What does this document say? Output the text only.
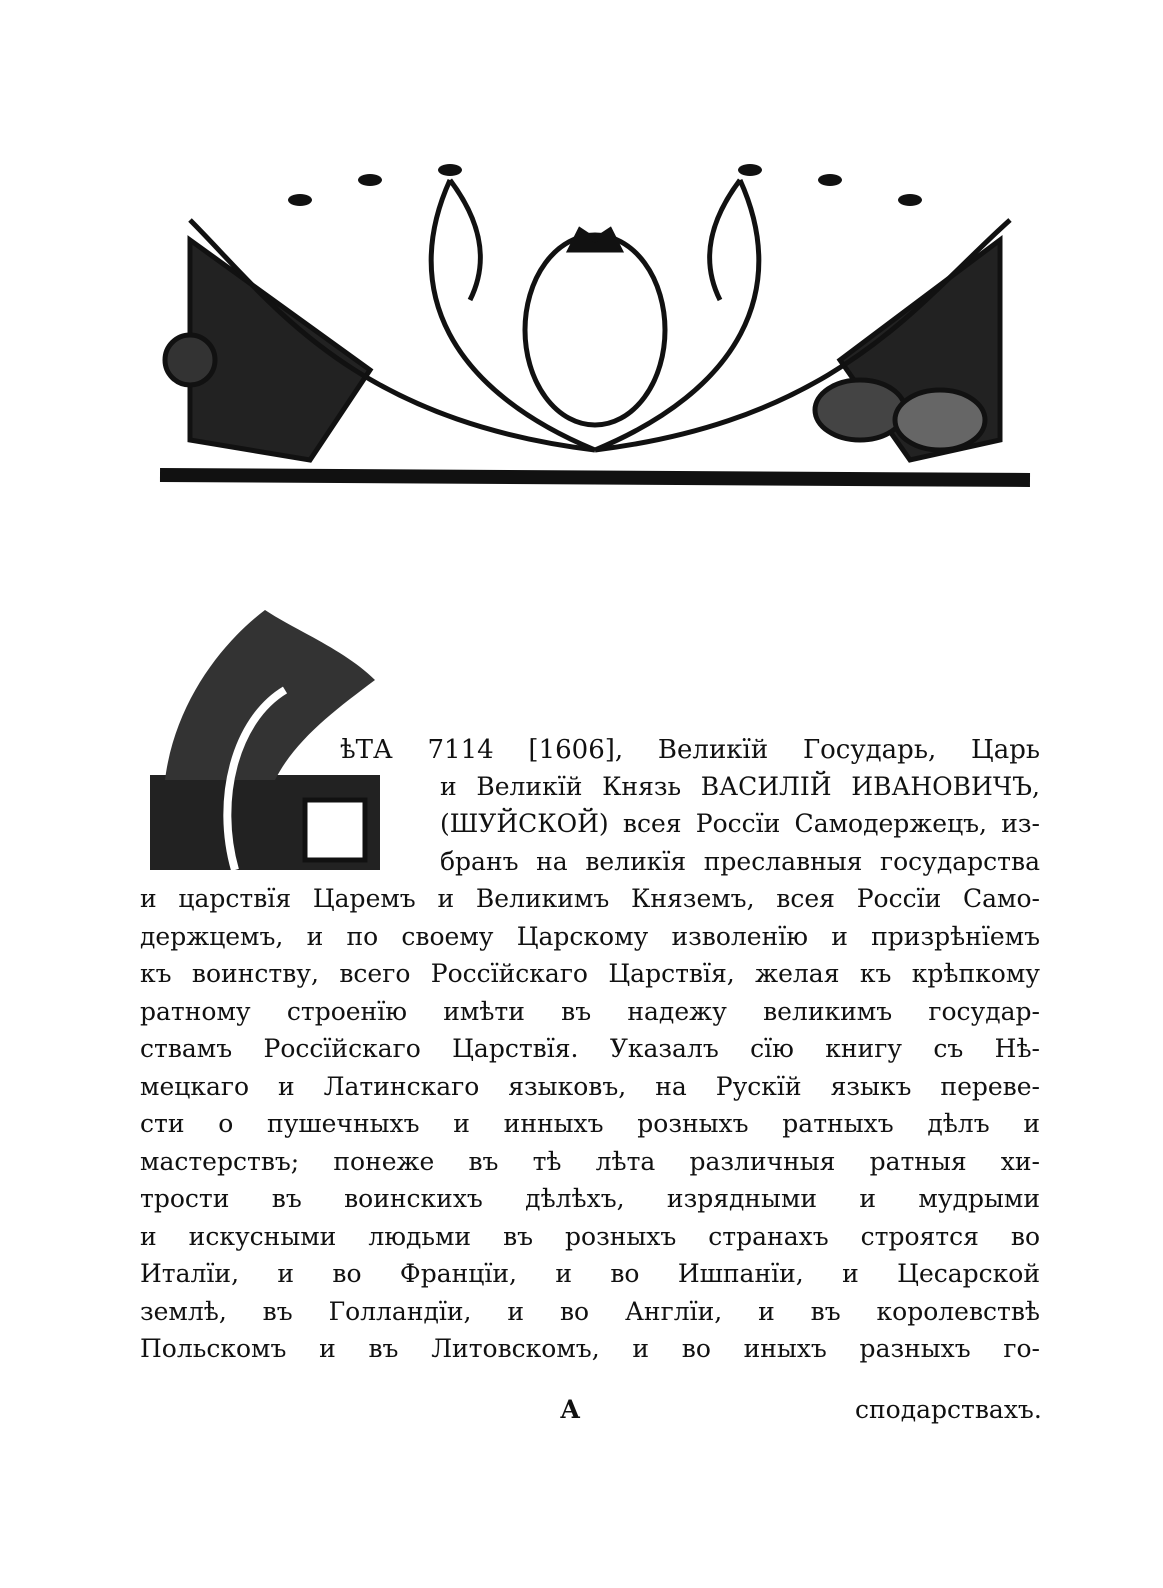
ѣТА 7114 [1606], Великїй Государь, Царь
и Великїй Князь ВАСИЛІЙ ИВАНОВИЧЪ,
(ШУЙСКОЙ) всея Россїи Самодержецъ, из-
бранъ на великїя преславныя государства
и царствїя Царемъ и Великимъ Княземъ, всея Россїи Само-
держцемъ, и по своему Царскому изволенїю и призрѣнїемъ
къ воинству, всего Россїйскаго Царствїя, желая къ крѣпкому
ратному строенїю имѣти въ надежу великимъ государ-
ствамъ Россїйскаго Царствїя. Указалъ сїю книгу съ Нѣ-
мецкаго и Латинскаго языковъ, на Рускїй языкъ переве-
сти о пушечныхъ и инныхъ розныхъ ратныхъ дѣлъ и
мастерствъ; понеже въ тѣ лѣта различныя ратныя хи-
трости въ воинскихъ дѣлѣхъ, изрядными и мудрыми
и искусными людьми въ розныхъ странахъ строятся во
Италїи, и во Францїи, и во Ишпанїи, и Цесарской
землѣ, въ Голландїи, и во Англїи, и въ королевствѣ
Польскомъ и въ Литовскомъ, и во иныхъ разныхъ го-
А	сподарствахъ.
